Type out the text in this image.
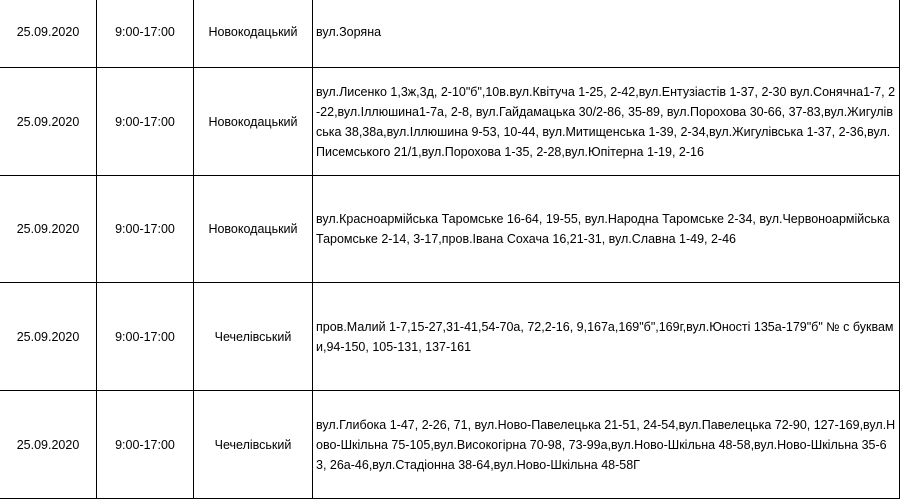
25.09.2020	9:00-17:00	Новокодацький	вул.Зоряна
25.09.2020	9:00-17:00	Новокодацький	вул.Лисенко 1,3ж,3д, 2-10"б",10в.вул.Квітуча 1-25, 2-42,вул.Ентузіастів 1-37, 2-30 вул.Сонячна1-7, 2-22,вул.Іллюшина1-7а, 2-8, вул.Гайдамацька 30/2-86, 35-89, вул.Порохова 30-66, 37-83,вул.Жигулівська 38,38а,вул.Іллюшина 9-53, 10-44, вул.Митищенська 1-39, 2-34,вул.Жигулівська 1-37, 2-36,вул.Писемського 21/1,вул.Порохова 1-35, 2-28,вул.Юпітерна 1-19, 2-16
25.09.2020	9:00-17:00	Новокодацький	вул.Красноармійська Таромське 16-64, 19-55, вул.Народна Таромське 2-34, вул.Червоноармійська Таромське 2-14, 3-17,пров.Івана Сохача 16,21-31, вул.Славна 1-49, 2-46
25.09.2020	9:00-17:00	Чечелівський	пров.Малий 1-7,15-27,31-41,54-70а, 72,2-16, 9,167а,169"б",169г,вул.Юності 135а-179"б" № с буквами,94-150, 105-131, 137-161
25.09.2020	9:00-17:00	Чечелівський	вул.Глибока 1-47, 2-26, 71, вул.Ново-Павелецька 21-51, 24-54,вул.Павелецька 72-90, 127-169,вул.Ново-Шкільна 75-105,вул.Високогірна 70-98, 73-99а,вул.Ново-Шкільна 48-58,вул.Ново-Шкільна 35-63, 26а-46,вул.Стадіонна 38-64,вул.Ново-Шкільна 48-58Г
